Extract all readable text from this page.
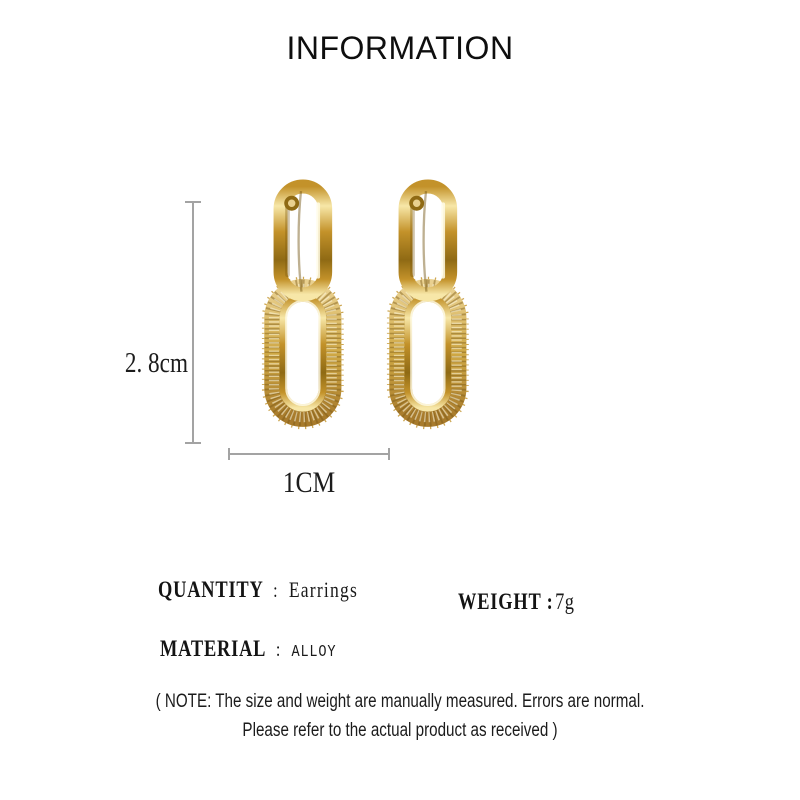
INFORMATION
2. 8cm
1CM
QUANTITY : Earrings	WEIGHT : 7g
MATERIAL : ALLOY
( NOTE: The size and weight are manually measured. Errors are normal.
Please refer to the actual product as received )
